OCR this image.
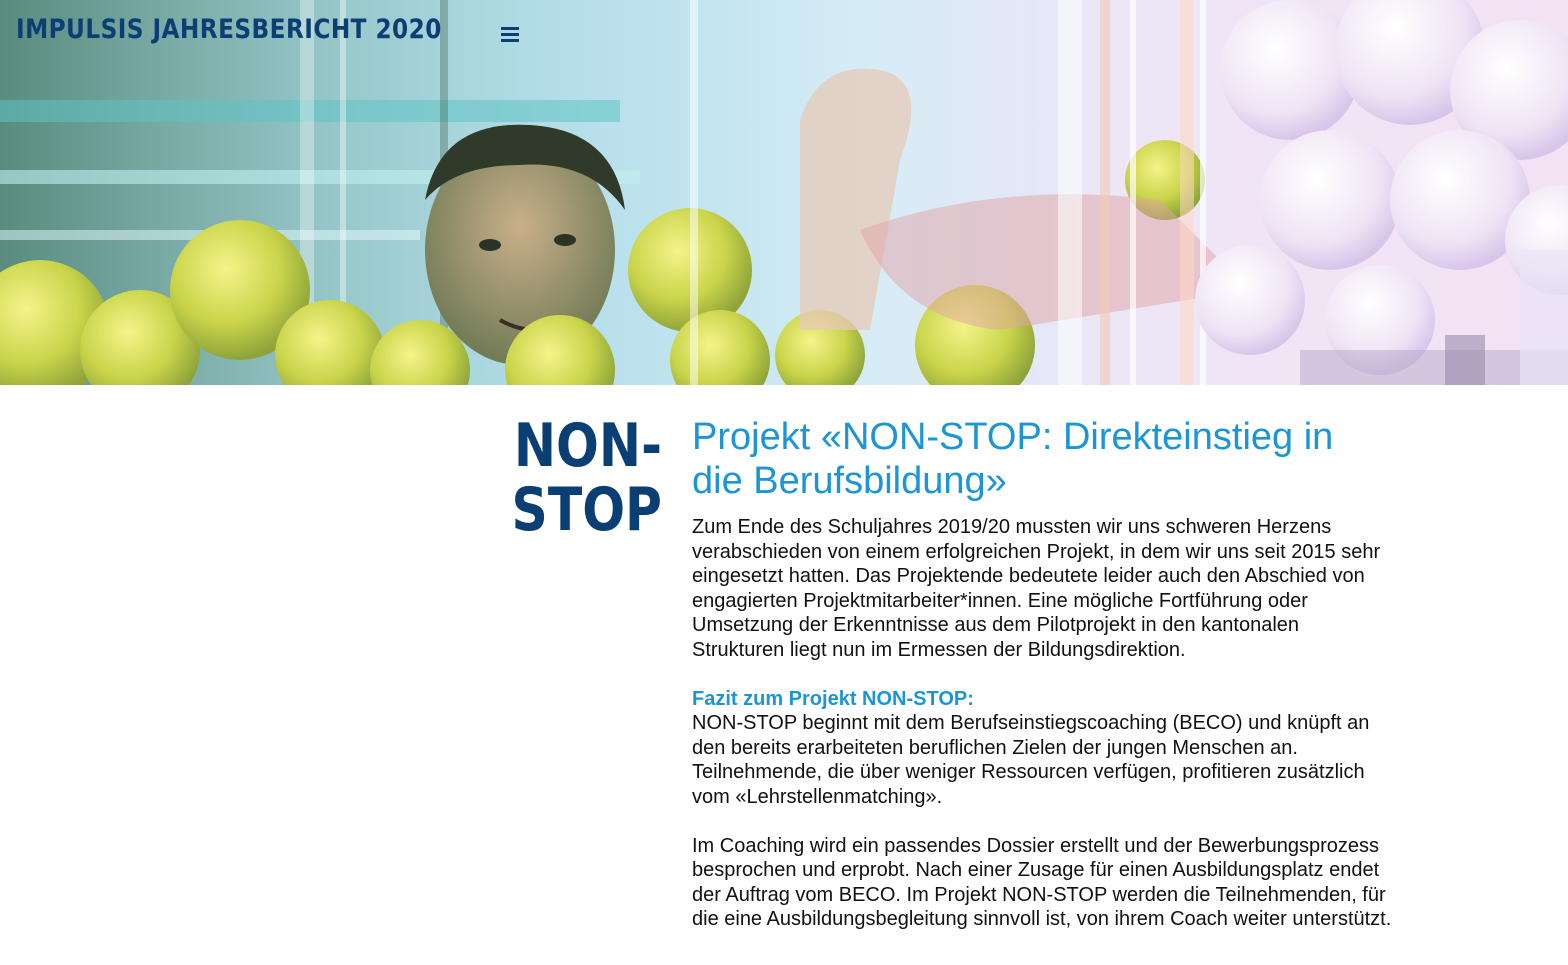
IMPULSIS JAHRESBERICHT 2020
NON-
STOP
Projekt «NON-STOP: Direkteinstieg in die Berufsbildung»

Zum Ende des Schuljahres 2019/20 mussten wir uns schweren Herzens verabschieden von einem erfolgreichen Projekt, in dem wir uns seit 2015 sehr eingesetzt hatten. Das Projektende bedeutete leider auch den Abschied von engagierten Projektmitarbeiter*innen. Eine mögliche Fortführung oder Umsetzung der Erkenntnisse aus dem Pilotprojekt in den kantonalen Strukturen liegt nun im Ermessen der Bildungsdirektion.

Fazit zum Projekt NON-STOP:

NON-STOP beginnt mit dem Berufseinstiegscoaching (BECO) und knüpft an den bereits erarbeiteten beruflichen Zielen der jungen Menschen an. Teilnehmende, die über weniger Ressourcen verfügen, profitieren zusätzlich vom «Lehrstellenmatching».

Im Coaching wird ein passendes Dossier erstellt und der Bewerbungsprozess besprochen und erprobt. Nach einer Zusage für einen Ausbildungsplatz endet der Auftrag vom BECO. Im Projekt NON-STOP werden die Teilnehmenden, für die eine Ausbildungsbegleitung sinnvoll ist, von ihrem Coach weiter unterstützt.
